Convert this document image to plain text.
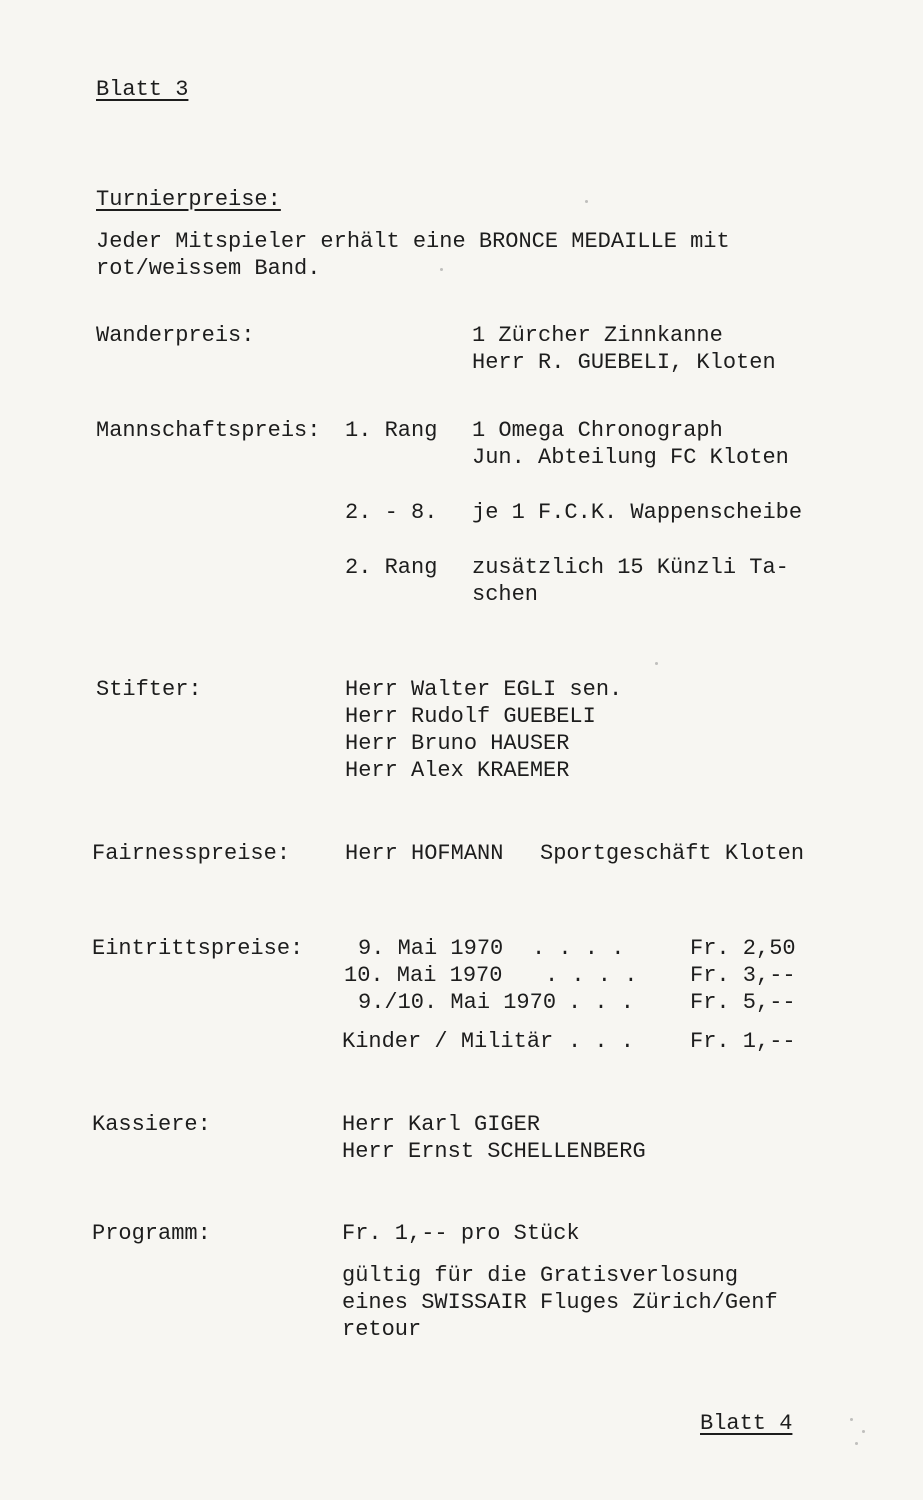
Blatt 3
Turnierpreise:
Jeder Mitspieler erhält eine BRONCE MEDAILLE mit
rot/weissem Band.
Wanderpreis:	1 Zürcher Zinnkanne
Herr R. GUEBELI, Kloten
Mannschaftspreis: 1. Rang 1 Omega Chronograph
Jun. Abteilung FC Kloten
2. - 8. je 1 F.C.K. Wappenscheibe
2. Rang zusätzlich 15 Künzli Ta-
schen
Stifter:	Herr Walter EGLI sen.
Herr Rudolf GUEBELI
Herr Bruno HAUSER
Herr Alex KRAEMER
Fairnesspreise: Herr HOFMANN Sportgeschäft Kloten
Eintrittspreise: 9. Mai 1970 . . . .	Fr. 2,50
10. Mai 1970 . . . . Fr. 3,--
9./10. Mai 1970 . . .	Fr. 5,--
Kinder / Militär . . .	Fr. 1,--
Kassiere:	Herr Karl GIGER
Herr Ernst SCHELLENBERG
Programm:	Fr. 1,-- pro Stück
gültig für die Gratisverlosung
eines SWISSAIR Fluges Zürich/Genf
retour
Blatt 4
